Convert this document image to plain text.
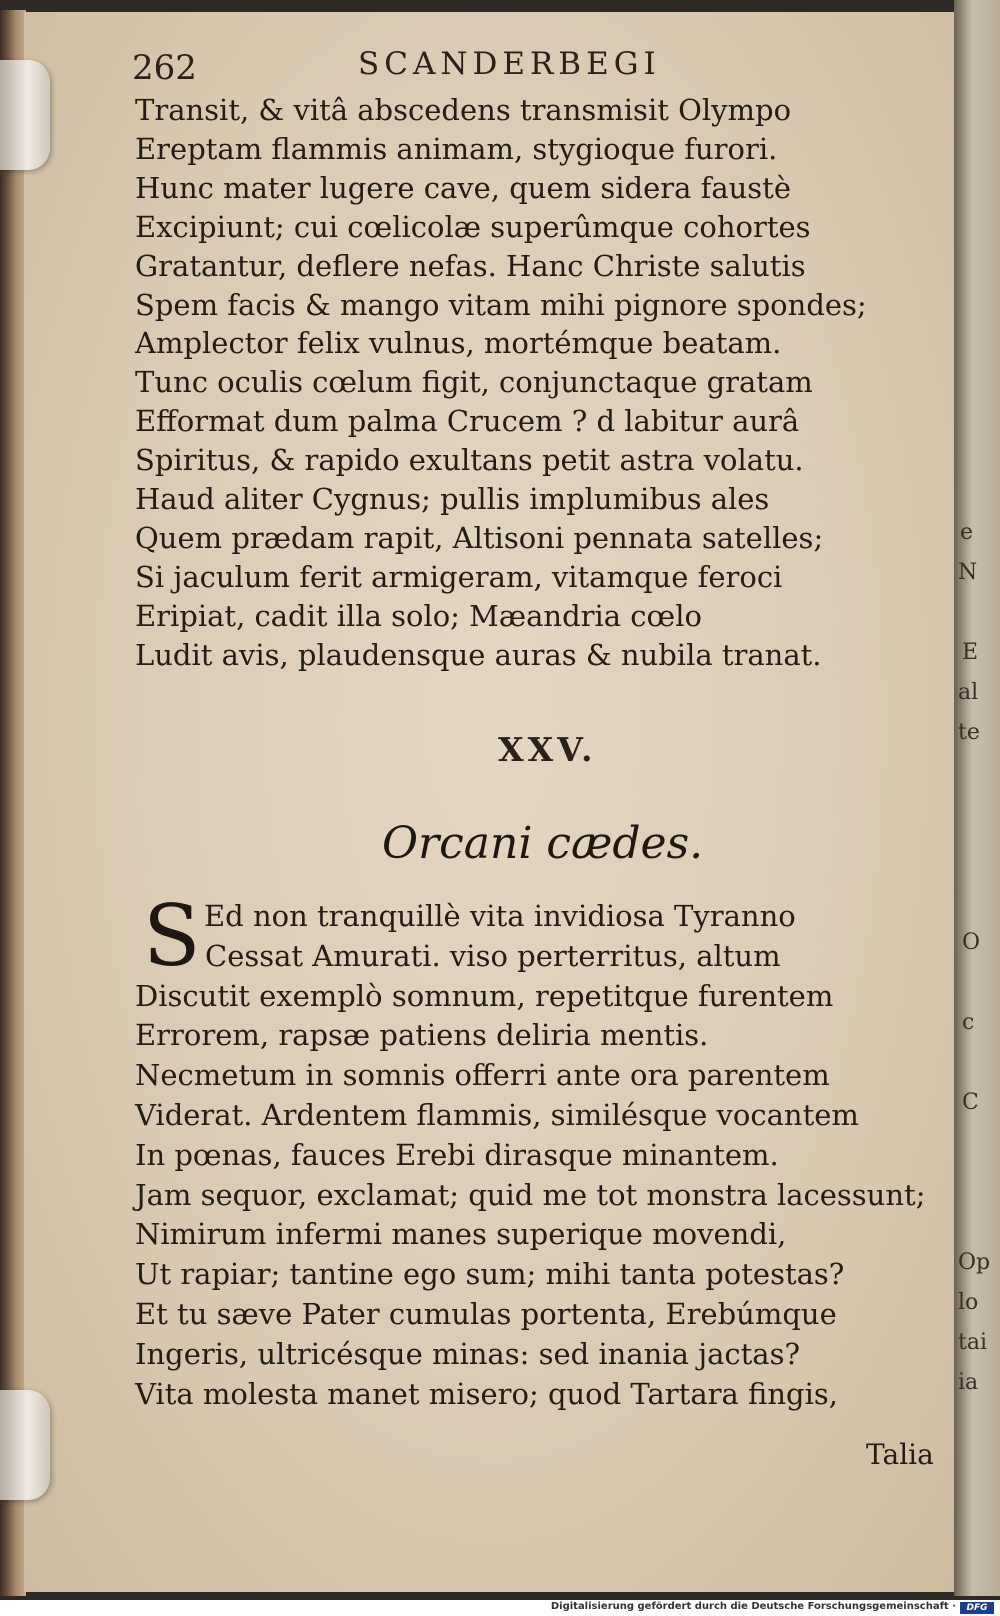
e
N
E
al
te
O
c
C
Op
lo
tai
ia
262	SCANDERBEGI

Transit, & vitâ abscedens transmisit Olympo

Ereptam flammis animam, stygioque furori.

Hunc mater lugere cave, quem sidera faustè

Excipiunt; cui cœlicolæ superûmque cohortes

Gratantur, deflere nefas. Hanc Christe salutis

Spem facis & mango vitam mihi pignore spondes;

Amplector felix vulnus, mortémque beatam.

Tunc oculis cœlum figit, conjunctaque gratam

Efformat dum palma Crucem ? d labitur aurâ

Spiritus, & rapido exultans petit astra volatu.

Haud aliter Cygnus; pullis implumibus ales

Quem prædam rapit, Altisoni pennata satelles;

Si jaculum ferit armigeram, vitamque feroci

Eripiat, cadit illa solo; Mæandria cœlo

Ludit avis, plaudensque auras & nubila tranat.

XXV.
Orcani cædes.
S Ed non tranquillè vita invidiosa Tyranno

Cessat Amurati. viso perterritus, altum

Discutit exemplò somnum, repetitque furentem

Errorem, rapsæ patiens deliria mentis.

Necmetum in somnis offerri ante ora parentem

Viderat. Ardentem flammis, similésque vocantem

In pœnas, fauces Erebi dirasque minantem.

Jam sequor, exclamat; quid me tot monstra lacessunt;

Nimirum infermi manes superique movendi,

Ut rapiar; tantine ego sum; mihi tanta potestas?

Et tu sæve Pater cumulas portenta, Erebúmque

Ingeris, ultricésque minas: sed inania jactas?

Vita molesta manet misero; quod Tartara fingis,

Talia
Digitalisierung gefördert durch die Deutsche Forschungsgemeinschaft ·	DFG
